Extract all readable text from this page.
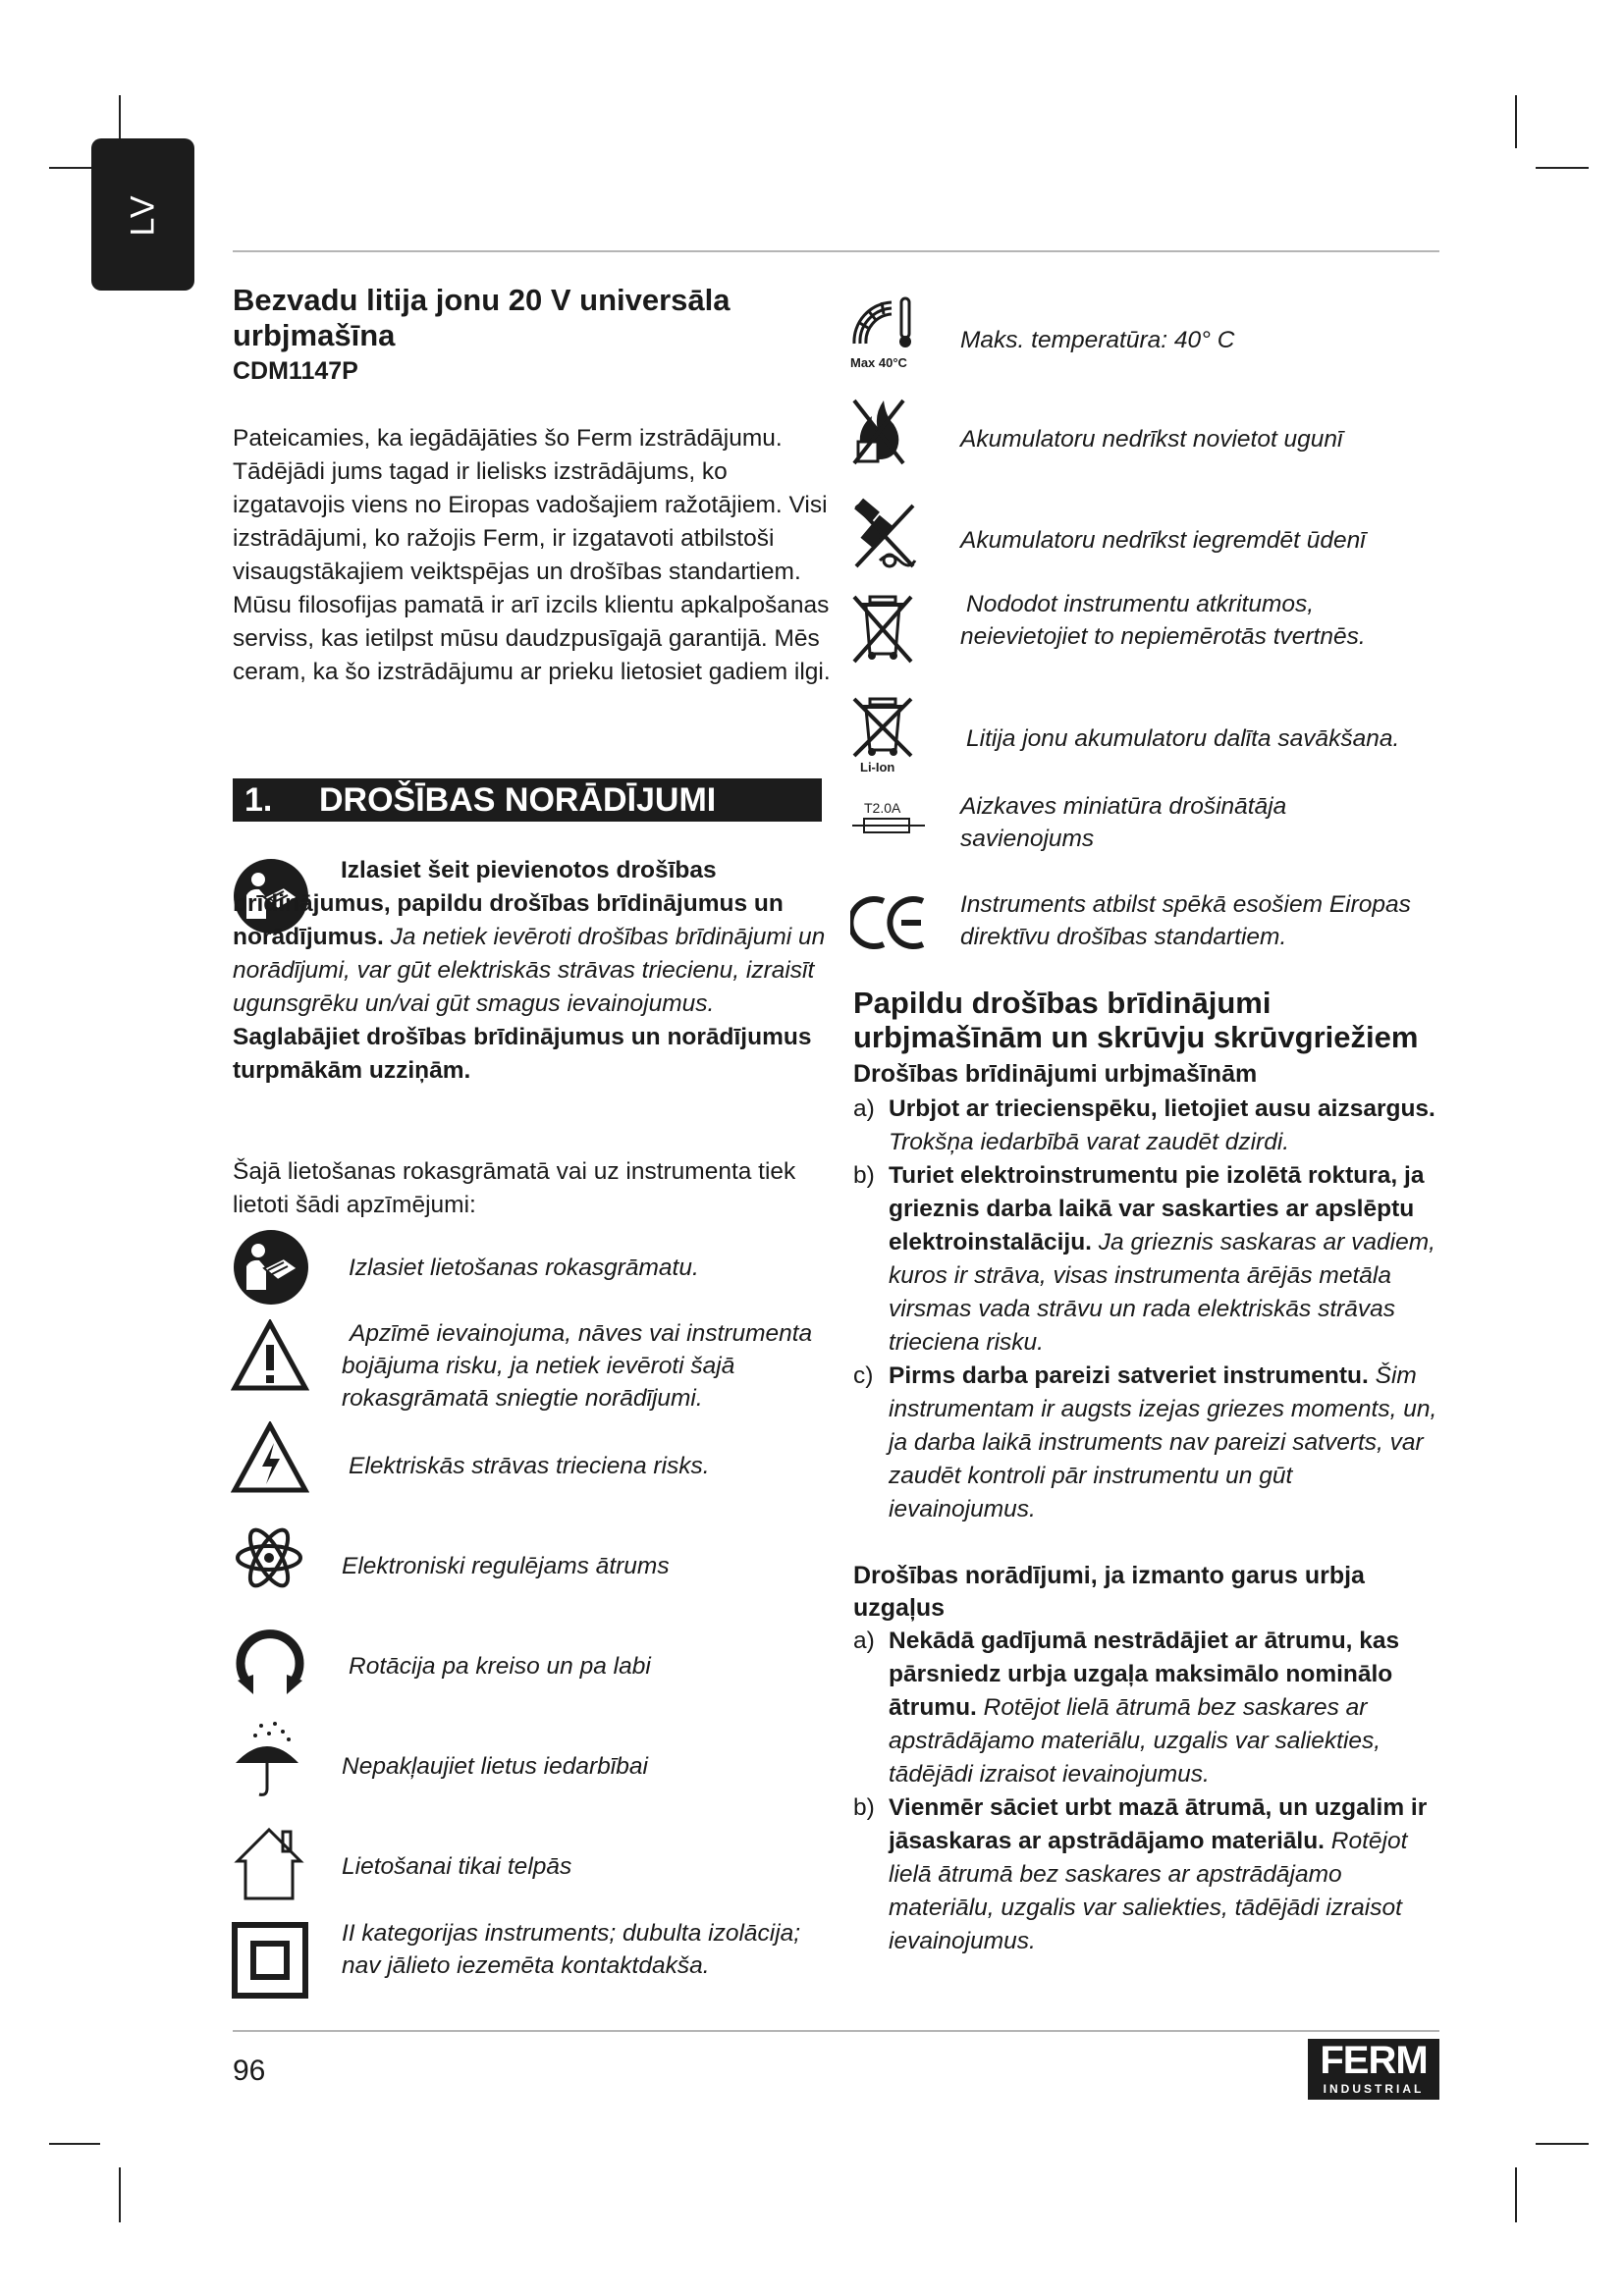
LV
Bezvadu litija jonu 20 V universāla urbjmašīna
CDM1147P

Pateicamies, ka iegādājāties šo Ferm izstrādājumu. Tādējādi jums tagad ir lielisks izstrādājums, ko izgatavojis viens no Eiropas vadošajiem ražotājiem. Visi izstrādājumi, ko ražojis Ferm, ir izgatavoti atbilstoši visaugstākajiem veiktspējas un drošības standartiem. Mūsu filosofijas pamatā ir arī izcils klientu apkalpošanas serviss, kas ietilpst mūsu daudzpusīgajā garantijā. Mēs ceram, ka šo izstrādājumu ar prieku lietosiet gadiem ilgi.

1. DROŠĪBAS NORĀDĪJUMI

Izlasiet šeit pievienotos drošības brīdinājumus, papildu drošības brīdinājumus un norādījumus. Ja netiek ievēroti drošības brīdinājumi un norādījumi, var gūt elektriskās strāvas triecienu, izraisīt ugunsgrēku un/vai gūt smagus ievainojumus.

Saglabājiet drošības brīdinājumus un norādījumus turpmākām uzziņām.

Šajā lietošanas rokasgrāmatā vai uz instrumenta tiek lietoti šādi apzīmējumi:

Izlasiet lietošanas rokasgrāmatu.
Apzīmē ievainojuma, nāves vai instrumenta bojājuma risku, ja netiek ievēroti šajā rokasgrāmatā sniegtie norādījumi.
Elektriskās strāvas trieciena risks.
Elektroniski regulējams ātrums
Rotācija pa kreiso un pa labi
Nepakļaujiet lietus iedarbībai
Lietošanai tikai telpās
II kategorijas instruments; dubulta izolācija; nav jālieto iezemēta kontaktdakša.
Max 40°C
Maks. temperatūra: 40° C
Akumulatoru nedrīkst novietot ugunī
Akumulatoru nedrīkst iegremdēt ūdenī
Nododot instrumentu atkritumos, neievietojiet to nepiemērotās tvertnēs.
Li-Ion
Litija jonu akumulatoru dalīta savākšana.
T2.0A Aizkaves miniatūra drošinātāja savienojums
Instruments atbilst spēkā esošiem Eiropas direktīvu drošības standartiem.
Papildu drošības brīdinājumi urbjmašīnām un skrūvju skrūvgriežiem
Drošības brīdinājumi urbjmašīnām
a) Urbjot ar triecienspēku, lietojiet ausu aizsargus. Trokšņa iedarbībā varat zaudēt dzirdi.
b) Turiet elektroinstrumentu pie izolētā roktura, ja grieznis darba laikā var saskarties ar apslēptu elektroinstalāciju. Ja grieznis saskaras ar vadiem, kuros ir strāva, visas instrumenta ārējās metāla virsmas vada strāvu un rada elektriskās strāvas trieciena risku.
c) Pirms darba pareizi satveriet instrumentu. Šim instrumentam ir augsts izejas griezes moments, un, ja darba laikā instruments nav pareizi satverts, var zaudēt kontroli pār instrumentu un gūt ievainojumus.
Drošības norādījumi, ja izmanto garus urbja uzgaļus
a) Nekādā gadījumā nestrādājiet ar ātrumu, kas pārsniedz urbja uzgaļa maksimālo nominālo ātrumu. Rotējot lielā ātrumā bez saskares ar apstrādājamo materiālu, uzgalis var saliekties, tādējādi izraisot ievainojumus.
b) Vienmēr sāciet urbt mazā ātrumā, un uzgalim ir jāsaskaras ar apstrādājamo materiālu. Rotējot lielā ātrumā bez saskares ar apstrādājamo materiālu, uzgalis var saliekties, tādējādi izraisot ievainojumus.
96	FERM
INDUSTRIAL
